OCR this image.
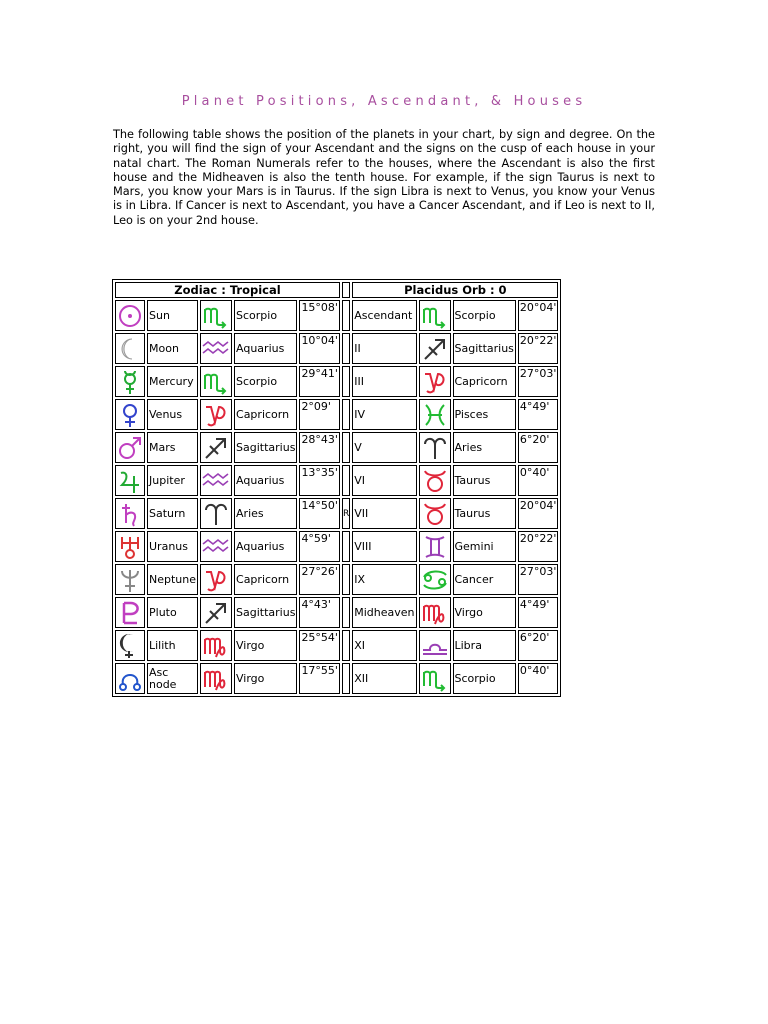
Planet Positions, Ascendant, & Houses
The following table shows the position of the planets in your chart, by sign and degree. On the right, you will find the sign of your Ascendant and the signs on the cusp of each house in your natal chart. The Roman Numerals refer to the houses, where the Ascendant is also the first house and the Midheaven is also the tenth house. For example, if the sign Taurus is next to Mars, you know your Mars is in Taurus. If the sign Libra is next to Venus, you know your Venus is in Libra. If Cancer is next to Ascendant, you have a Cancer Ascendant, and if Leo is next to II, Leo is on your 2nd house.
Zodiac : Tropical						Placidus Orb : 0			

	Sun		Scorpio	15°08'		Ascendant		Scorpio	20°04'

	Moon		Aquarius	10°04'		II		Sagittarius	20°22'

	Mercury		Scorpio	29°41'		III		Capricorn	27°03'

	Venus		Capricorn	2°09'		IV		Pisces	4°49'

	Mars		Sagittarius	28°43'		V		Aries	6°20'

	Jupiter		Aquarius	13°35'		VI		Taurus	0°40'

	Saturn		Aries	14°50'	R	VII		Taurus	20°04'

	Uranus		Aquarius	4°59'		VIII		Gemini	20°22'

	Neptune		Capricorn	27°26'		IX		Cancer	27°03'

	Pluto		Sagittarius	4°43'		Midheaven		Virgo	4°49'

	Lilith		Virgo	25°54'		XI		Libra	6°20'

	Asc node		Virgo	17°55'		XII		Scorpio	0°40'
